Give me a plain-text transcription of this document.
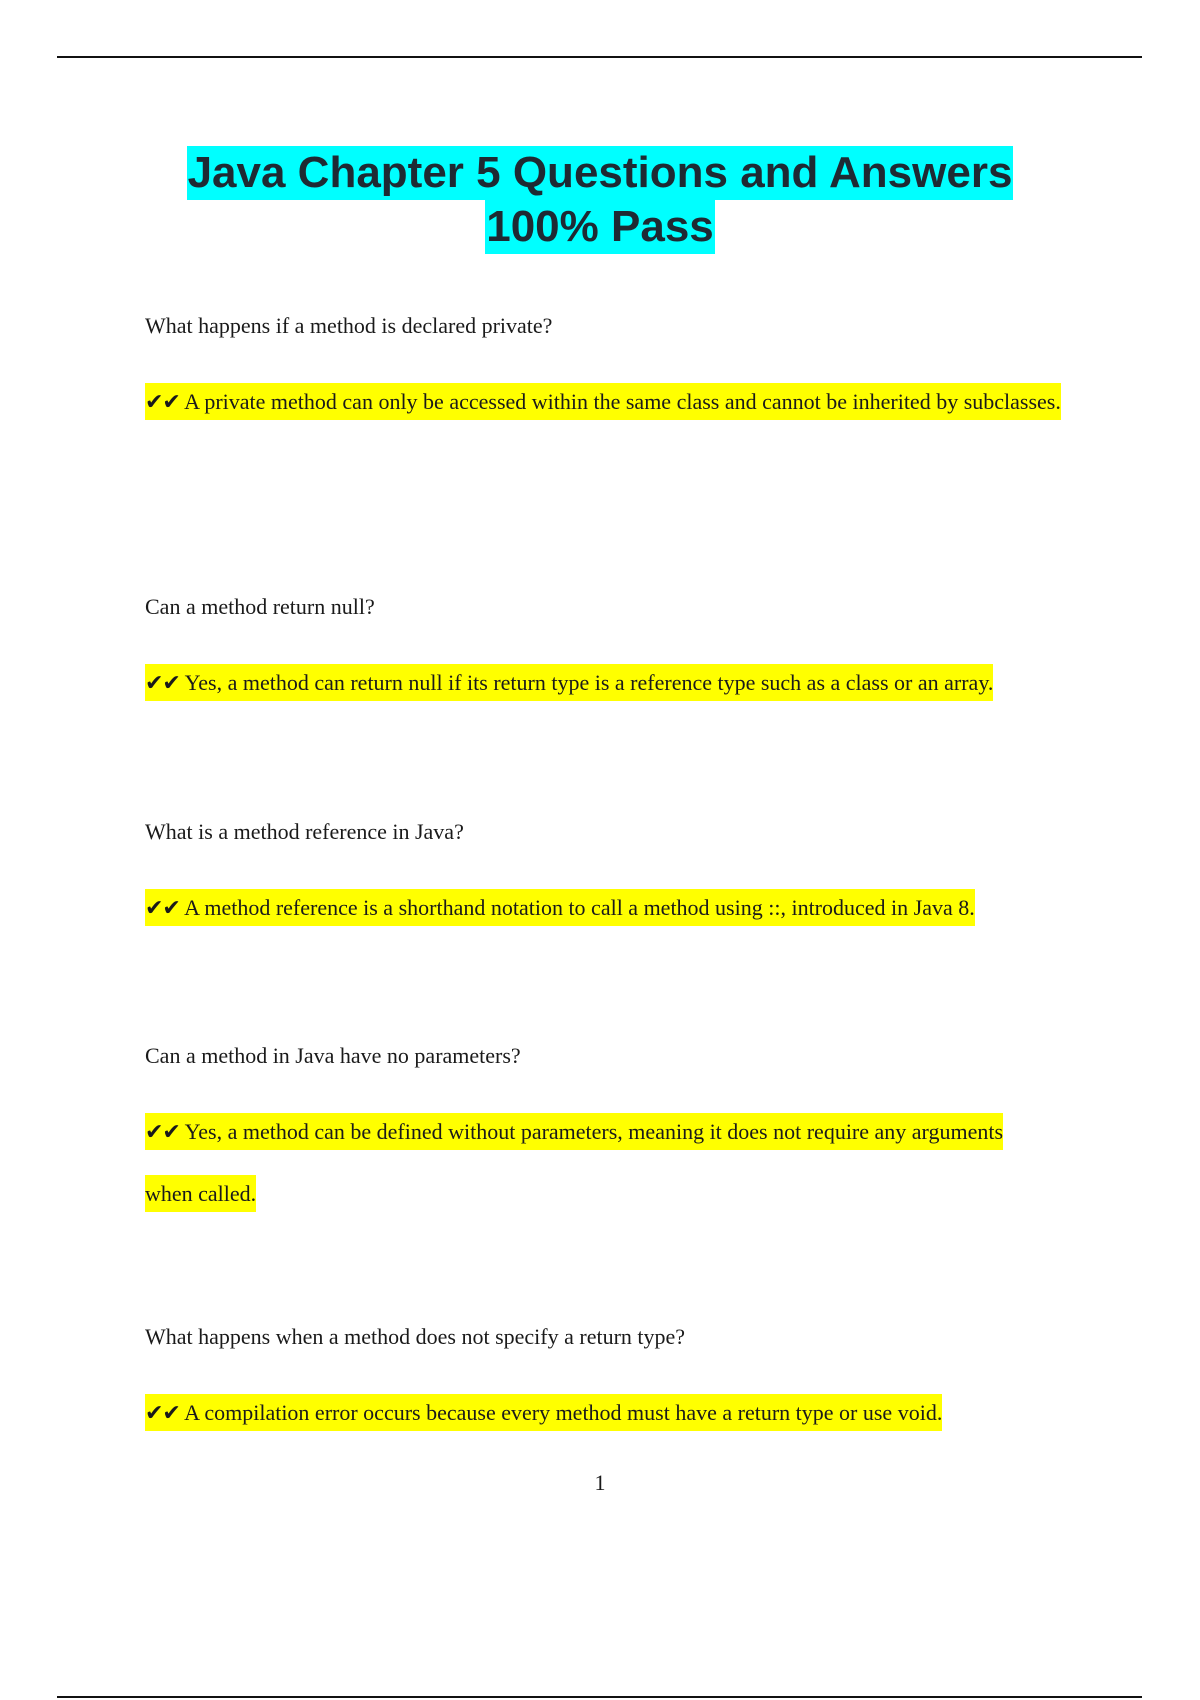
Java Chapter 5 Questions and Answers
100% Pass
What happens if a method is declared private?
✔✔ A private method can only be accessed within the same class and cannot be inherited by subclasses.
Can a method return null?
✔✔ Yes, a method can return null if its return type is a reference type such as a class or an array.
What is a method reference in Java?
✔✔ A method reference is a shorthand notation to call a method using ::, introduced in Java 8.
Can a method in Java have no parameters?
✔✔ Yes, a method can be defined without parameters, meaning it does not require any arguments when called.
What happens when a method does not specify a return type?
✔✔ A compilation error occurs because every method must have a return type or use void.
1
